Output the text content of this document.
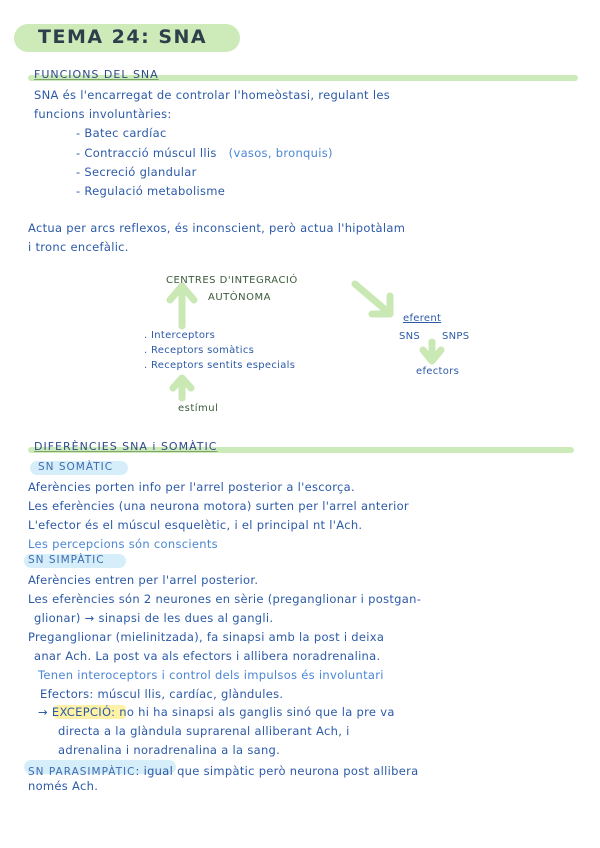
TEMA 24: SNA
FUNCIONS DEL SNA
SNA és l'encarregat de controlar l'homeòstasi, regulant les
funcions involuntàries:
- Batec cardíac
- Contracció múscul llis (vasos, bronquis)
- Secreció glandular
- Regulació metabolisme
Actua per arcs reflexos, és inconscient, però actua l'hipotàlam
i tronc encefàlic.
CENTRES D'INTEGRACIÓ
AUTÒNOMA
eferent
SNS SNPS
efectors
. Interceptors
. Receptors somàtics
. Receptors sentits especials
estímul
DIFERÈNCIES SNA i SOMÀTIC
SN SOMÀTIC
Aferències porten info per l'arrel posterior a l'escorça.
Les eferències (una neurona motora) surten per l'arrel anterior
L'efector és el múscul esquelètic, i el principal nt l'Ach.
Les percepcions són conscients
SN SIMPÀTIC
Aferències entren per l'arrel posterior.
Les eferències són 2 neurones en sèrie (preganglionar i postgan-
glionar) → sinapsi de les dues al gangli.
Preganglionar (mielinitzada), fa sinapsi amb la post i deixa
anar Ach. La post va als efectors i allibera noradrenalina.
Tenen interoceptors i control dels impulsos és involuntari
Efectors: múscul llis, cardíac, glàndules.
→ EXCEPCIÓ: no hi ha sinapsi als ganglis sinó que la pre va
directa a la glàndula suprarenal alliberant Ach, i
adrenalina i noradrenalina a la sang.
SN PARASIMPÀTIC: igual que simpàtic però neurona post allibera
només Ach.
